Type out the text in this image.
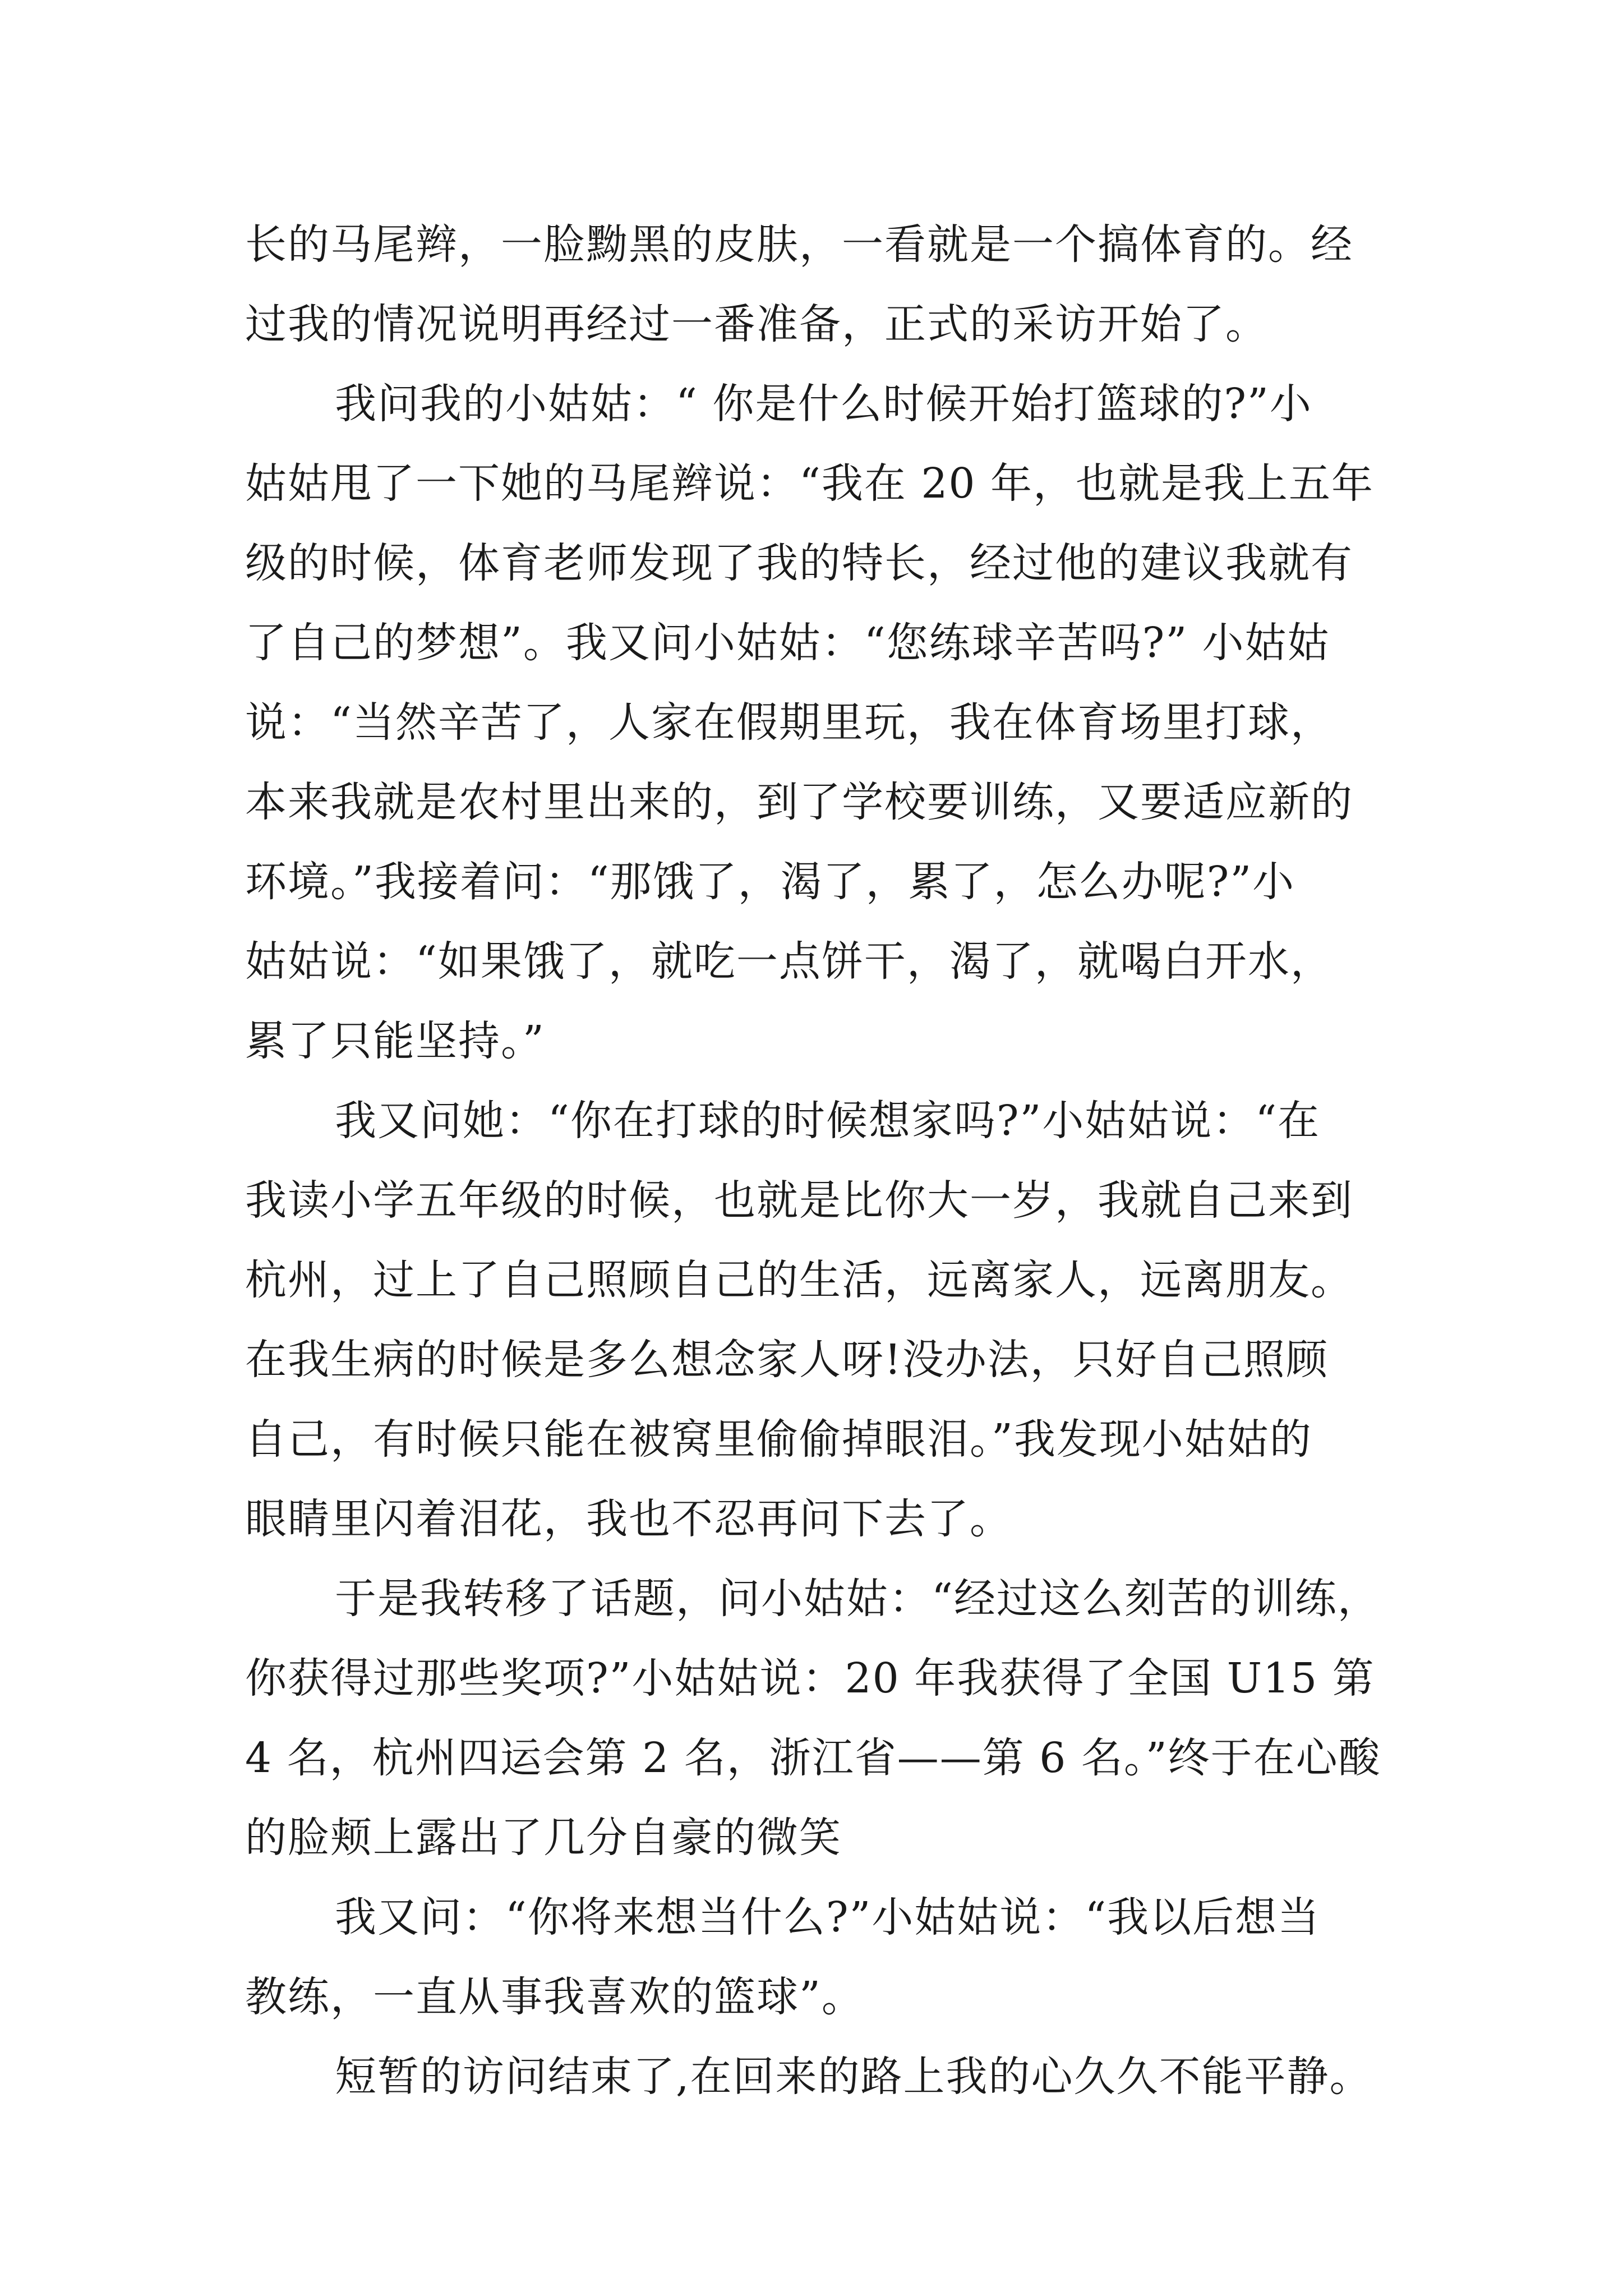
长的马尾辫，一脸黝黑的皮肤，一看就是一个搞体育的。经
过我的情况说明再经过一番准备，正式的采访开始了。
我问我的小姑姑：“ 你是什么时候开始打篮球的?”小
姑姑甩了一下她的马尾辫说：“我在 20 年，也就是我上五年
级的时候，体育老师发现了我的特长，经过他的建议我就有
了自己的梦想”。我又问小姑姑：“您练球辛苦吗?” 小姑姑
说：“当然辛苦了，人家在假期里玩，我在体育场里打球，
本来我就是农村里出来的，到了学校要训练，又要适应新的
环境。”我接着问：“那饿了，渴了，累了，怎么办呢?”小
姑姑说：“如果饿了，就吃一点饼干，渴了，就喝白开水，
累了只能坚持。”
我又问她：“你在打球的时候想家吗?”小姑姑说：“在
我读小学五年级的时候，也就是比你大一岁，我就自己来到
杭州，过上了自己照顾自己的生活，远离家人，远离朋友。
在我生病的时候是多么想念家人呀!没办法，只好自己照顾
自己，有时候只能在被窝里偷偷掉眼泪。”我发现小姑姑的
眼睛里闪着泪花，我也不忍再问下去了。
于是我转移了话题，问小姑姑：“经过这么刻苦的训练，
你获得过那些奖项?”小姑姑说：20 年我获得了全国 U15 第
4 名，杭州四运会第 2 名，浙江省——第 6 名。”终于在心酸
的脸颊上露出了几分自豪的微笑
我又问：“你将来想当什么?”小姑姑说：“我以后想当
教练，一直从事我喜欢的篮球”。
短暂的访问结束了,在回来的路上我的心久久不能平静。
